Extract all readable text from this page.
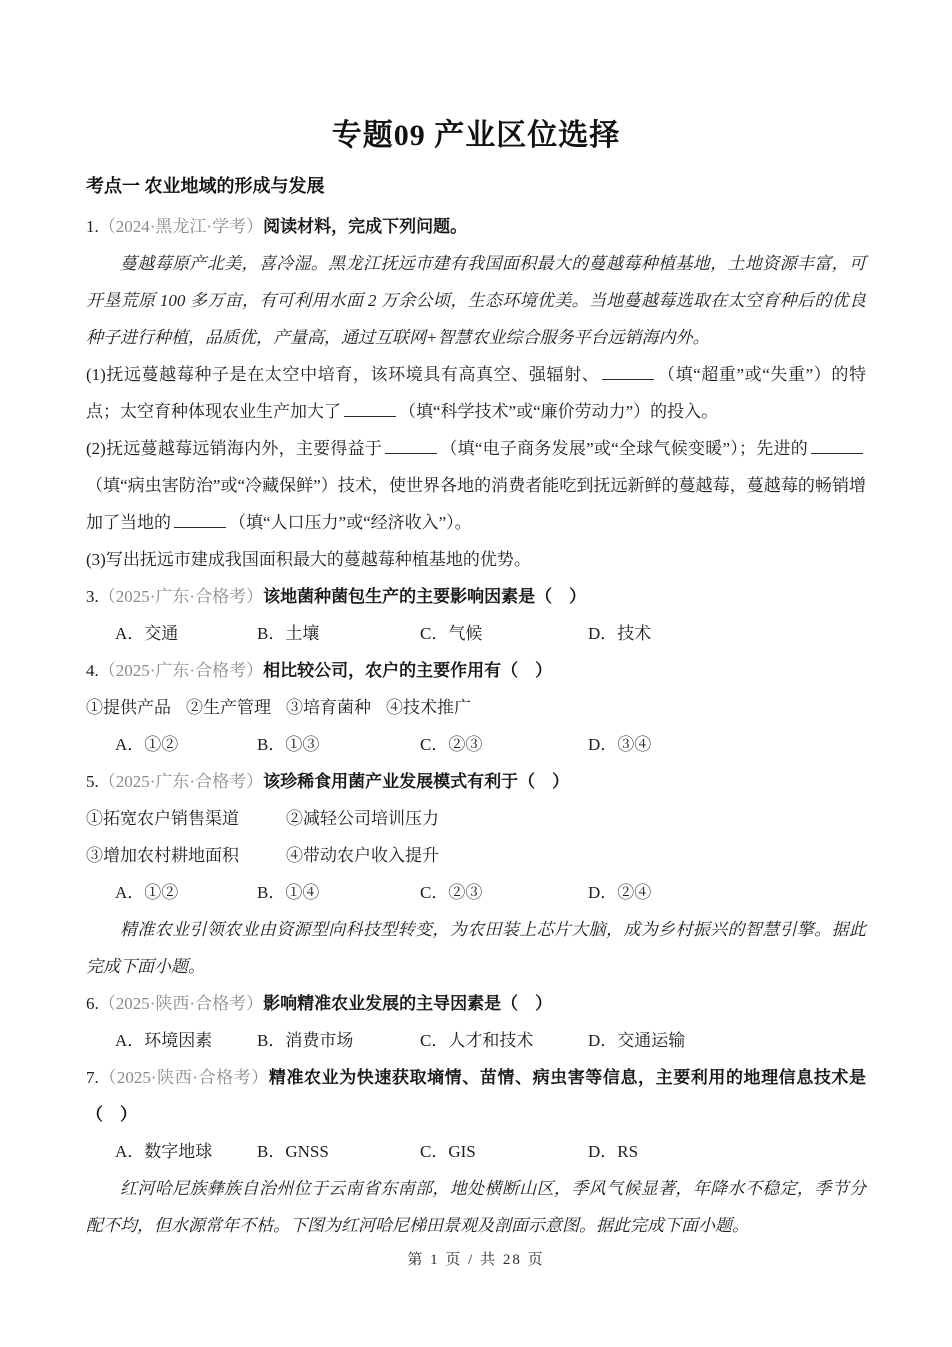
专题09 产业区位选择
考点一 农业地域的形成与发展

1.（2024·黑龙江·学考）阅读材料，完成下列问题。

蔓越莓原产北美，喜冷湿。黑龙江抚远市建有我国面积最大的蔓越莓种植基地，土地资源丰富，可开垦荒原 100 多万亩，有可利用水面 2 万余公顷，生态环境优美。当地蔓越莓选取在太空育种后的优良种子进行种植，品质优，产量高，通过互联网+智慧农业综合服务平台远销海内外。

(1)抚远蔓越莓种子是在太空中培育，该环境具有高真空、强辐射、	（填“超重”或“失重”）的特点；太空育种体现农业生产加大了	（填“科学技术”或“廉价劳动力”）的投入。

(2)抚远蔓越莓远销海内外，主要得益于	（填“电子商务发展”或“全球气候变暖”）；先进的（填“病虫害防治”或“冷藏保鲜”）技术，使世界各地的消费者能吃到抚远新鲜的蔓越莓，蔓越莓的畅销增加了当地的	（填“人口压力”或“经济收入”）。

(3)写出抚远市建成我国面积最大的蔓越莓种植基地的优势。

3.（2025·广东·合格考）该地菌种菌包生产的主要影响因素是（　）

A．交通	B．土壤	C．气候	D．技术

4.（2025·广东·合格考）相比较公司，农户的主要作用有（　）

①提供产品 ②生产管理 ③培育菌种 ④技术推广

A．①②	B．①③	C．②③	D．③④

5.（2025·广东·合格考）该珍稀食用菌产业发展模式有利于（　）

①拓宽农户销售渠道	②减轻公司培训压力

③增加农村耕地面积	④带动农户收入提升

A．①②	B．①④	C．②③	D．②④

精准农业引领农业由资源型向科技型转变，为农田装上芯片大脑，成为乡村振兴的智慧引擎。据此完成下面小题。

6.（2025·陕西·合格考）影响精准农业发展的主导因素是（　）

A．环境因素	B．消费市场	C．人才和技术	D．交通运输

7.（2025·陕西·合格考）精准农业为快速获取墒情、苗情、病虫害等信息，主要利用的地理信息技术是（　）

A．数字地球	B．GNSS	C．GIS	D．RS

红河哈尼族彝族自治州位于云南省东南部，地处横断山区，季风气候显著，年降水不稳定，季节分配不均，但水源常年不枯。下图为红河哈尼梯田景观及剖面示意图。据此完成下面小题。

第 1 页 / 共 28 页
